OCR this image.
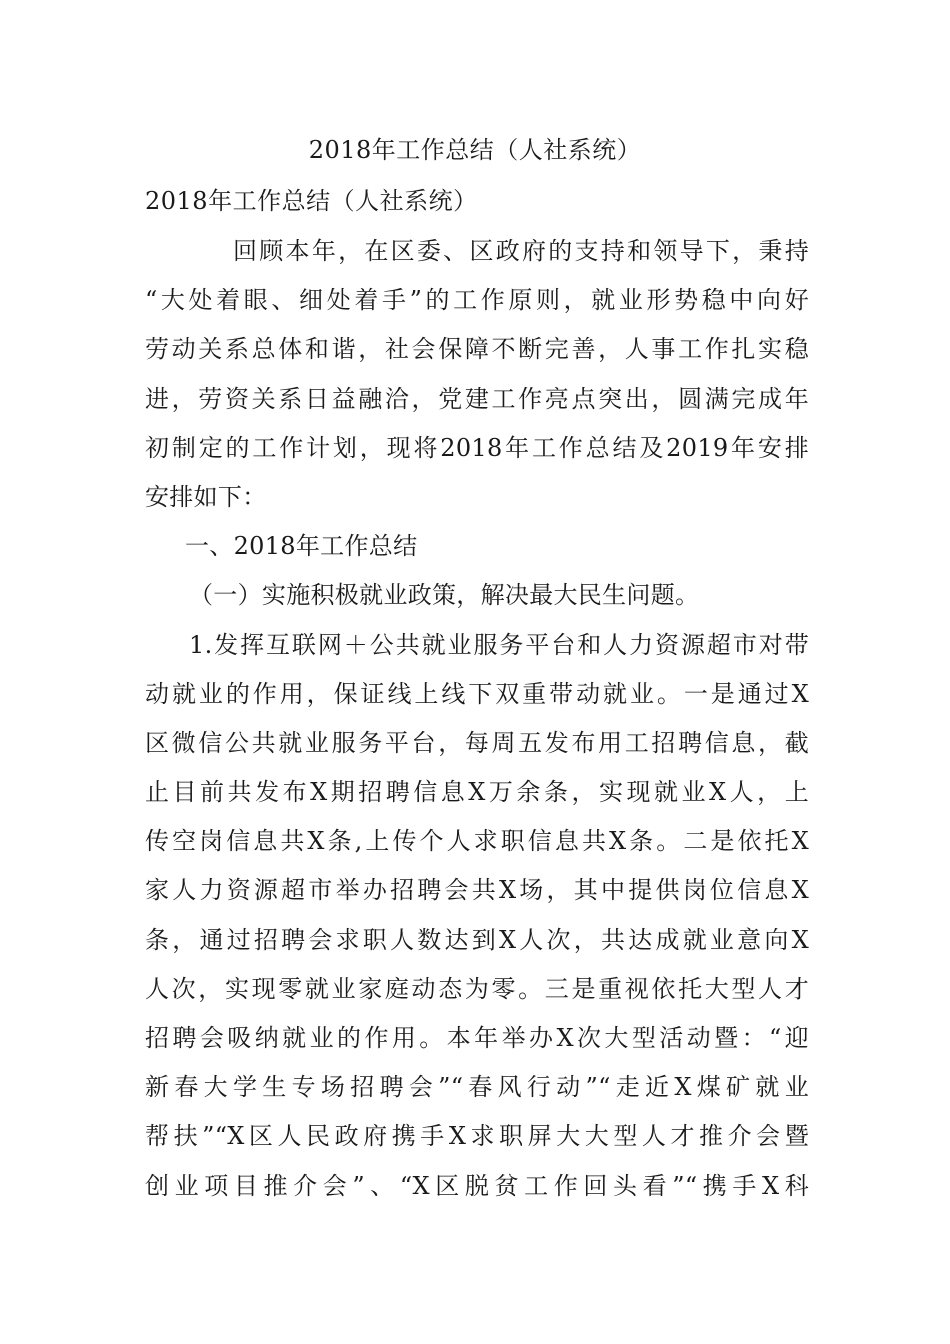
2018年工作总结（人社系统）
2018年工作总结（人社系统）
回顾本年，在区委、区政府的支持和领导下，秉持
“大处着眼、细处着手”的工作原则，就业形势稳中向好
劳动关系总体和谐，社会保障不断完善，人事工作扎实稳
进，劳资关系日益融洽，党建工作亮点突出，圆满完成年
初制定的工作计划，现将2018年工作总结及2019年安排
安排如下：
一、2018年工作总结
（一）实施积极就业政策，解决最大民生问题。
1.发挥互联网＋公共就业服务平台和人力资源超市对带
动就业的作用，保证线上线下双重带动就业。一是通过X
区微信公共就业服务平台，每周五发布用工招聘信息，截
止目前共发布X期招聘信息X万余条，实现就业X人，上
传空岗信息共X条,上传个人求职信息共X条。二是依托X
家人力资源超市举办招聘会共X场，其中提供岗位信息X
条，通过招聘会求职人数达到X人次，共达成就业意向X
人次，实现零就业家庭动态为零。三是重视依托大型人才
招聘会吸纳就业的作用。本年举办X次大型活动暨：“迎
新春大学生专场招聘会”“春风行动”“走近X煤矿就业
帮扶”“X区人民政府携手X求职屏大大型人才推介会暨
创业项目推介会”、“X区脱贫工作回头看”“携手X科
